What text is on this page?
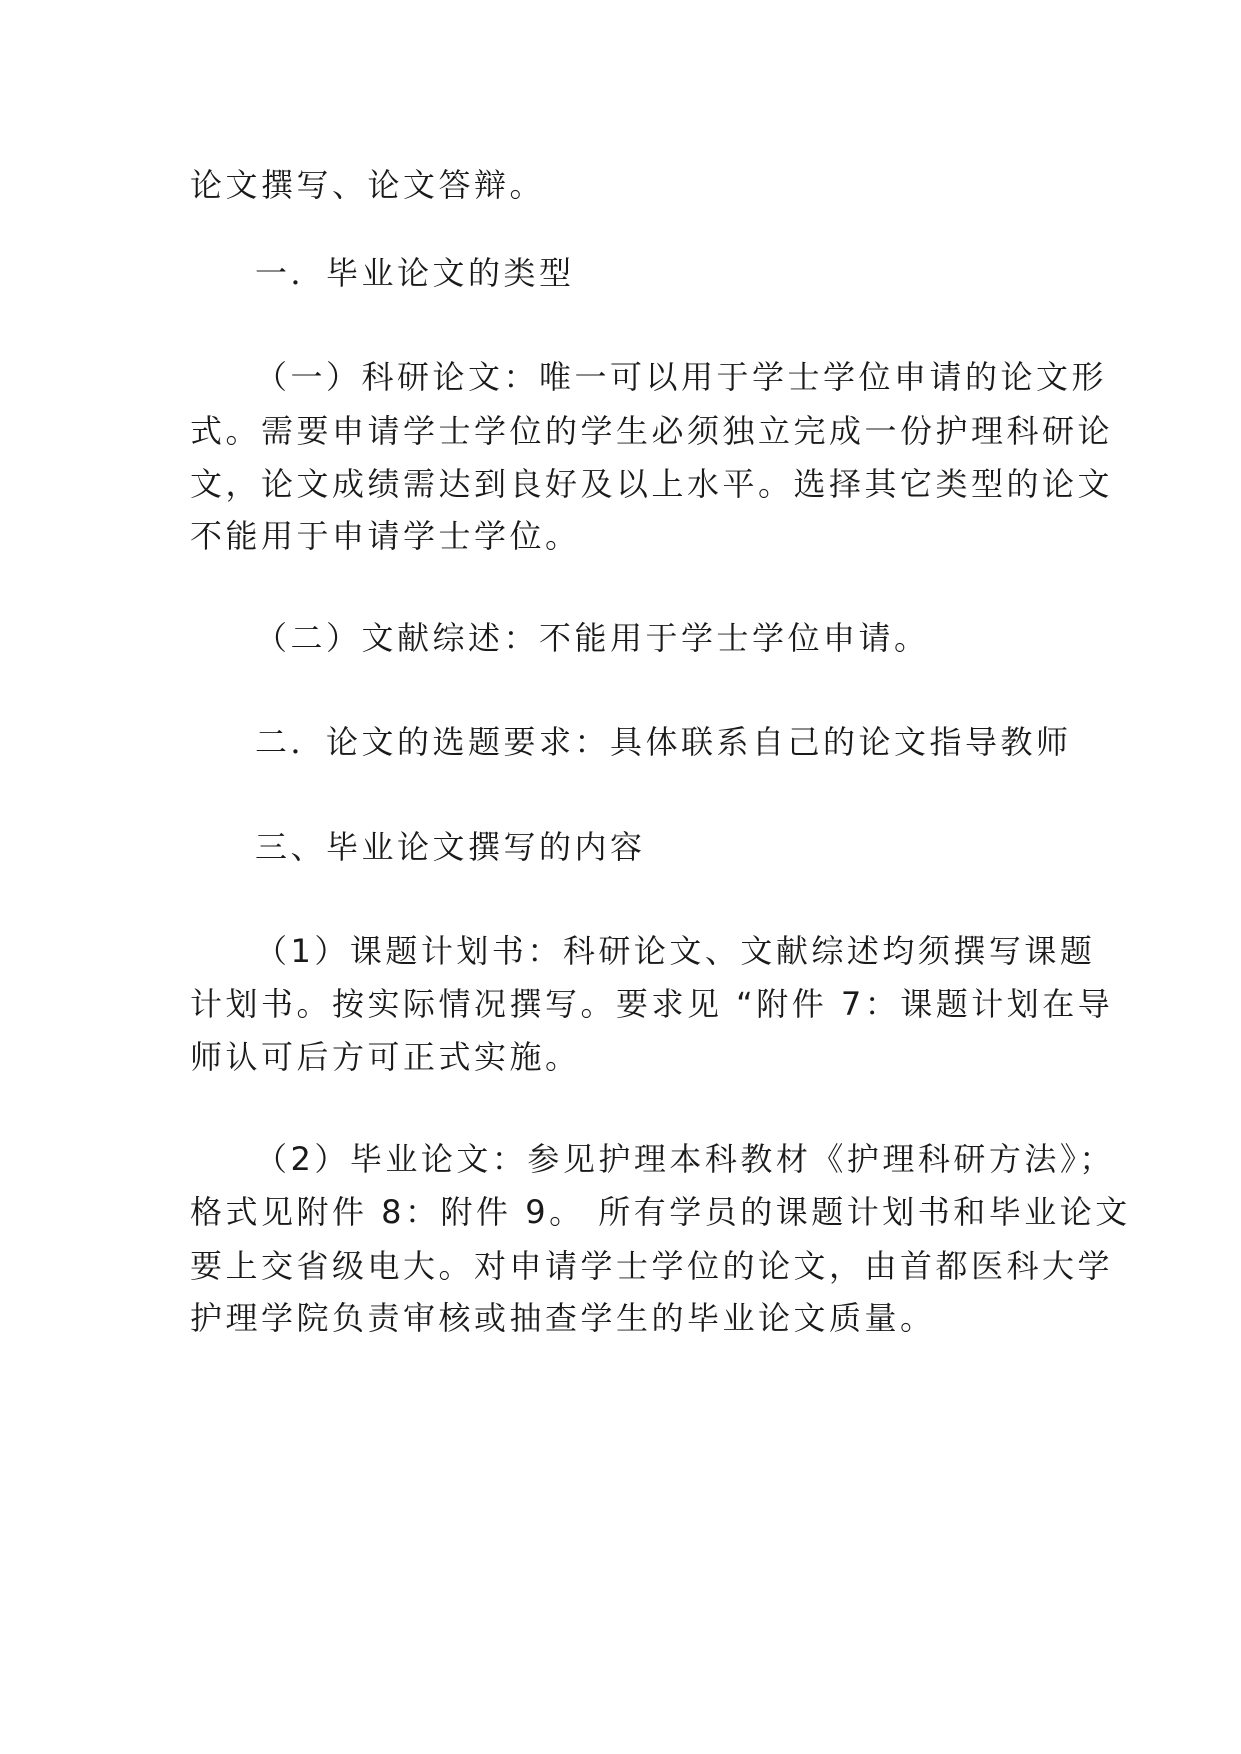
论文撰写、论文答辩。
一．毕业论文的类型
（一）科研论文：唯一可以用于学士学位申请的论文形
式。需要申请学士学位的学生必须独立完成一份护理科研论
文，论文成绩需达到良好及以上水平。选择其它类型的论文
不能用于申请学士学位。
（二）文献综述：不能用于学士学位申请。
二．论文的选题要求：具体联系自己的论文指导教师
三、毕业论文撰写的内容
（1）课题计划书：科研论文、文献综述均须撰写课题
计划书。按实际情况撰写。要求见 “附件 7：课题计划在导
师认可后方可正式实施。
（2）毕业论文：参见护理本科教材《护理科研方法》；
格式见附件 8：附件 9。 所有学员的课题计划书和毕业论文
要上交省级电大。对申请学士学位的论文，由首都医科大学
护理学院负责审核或抽查学生的毕业论文质量。
